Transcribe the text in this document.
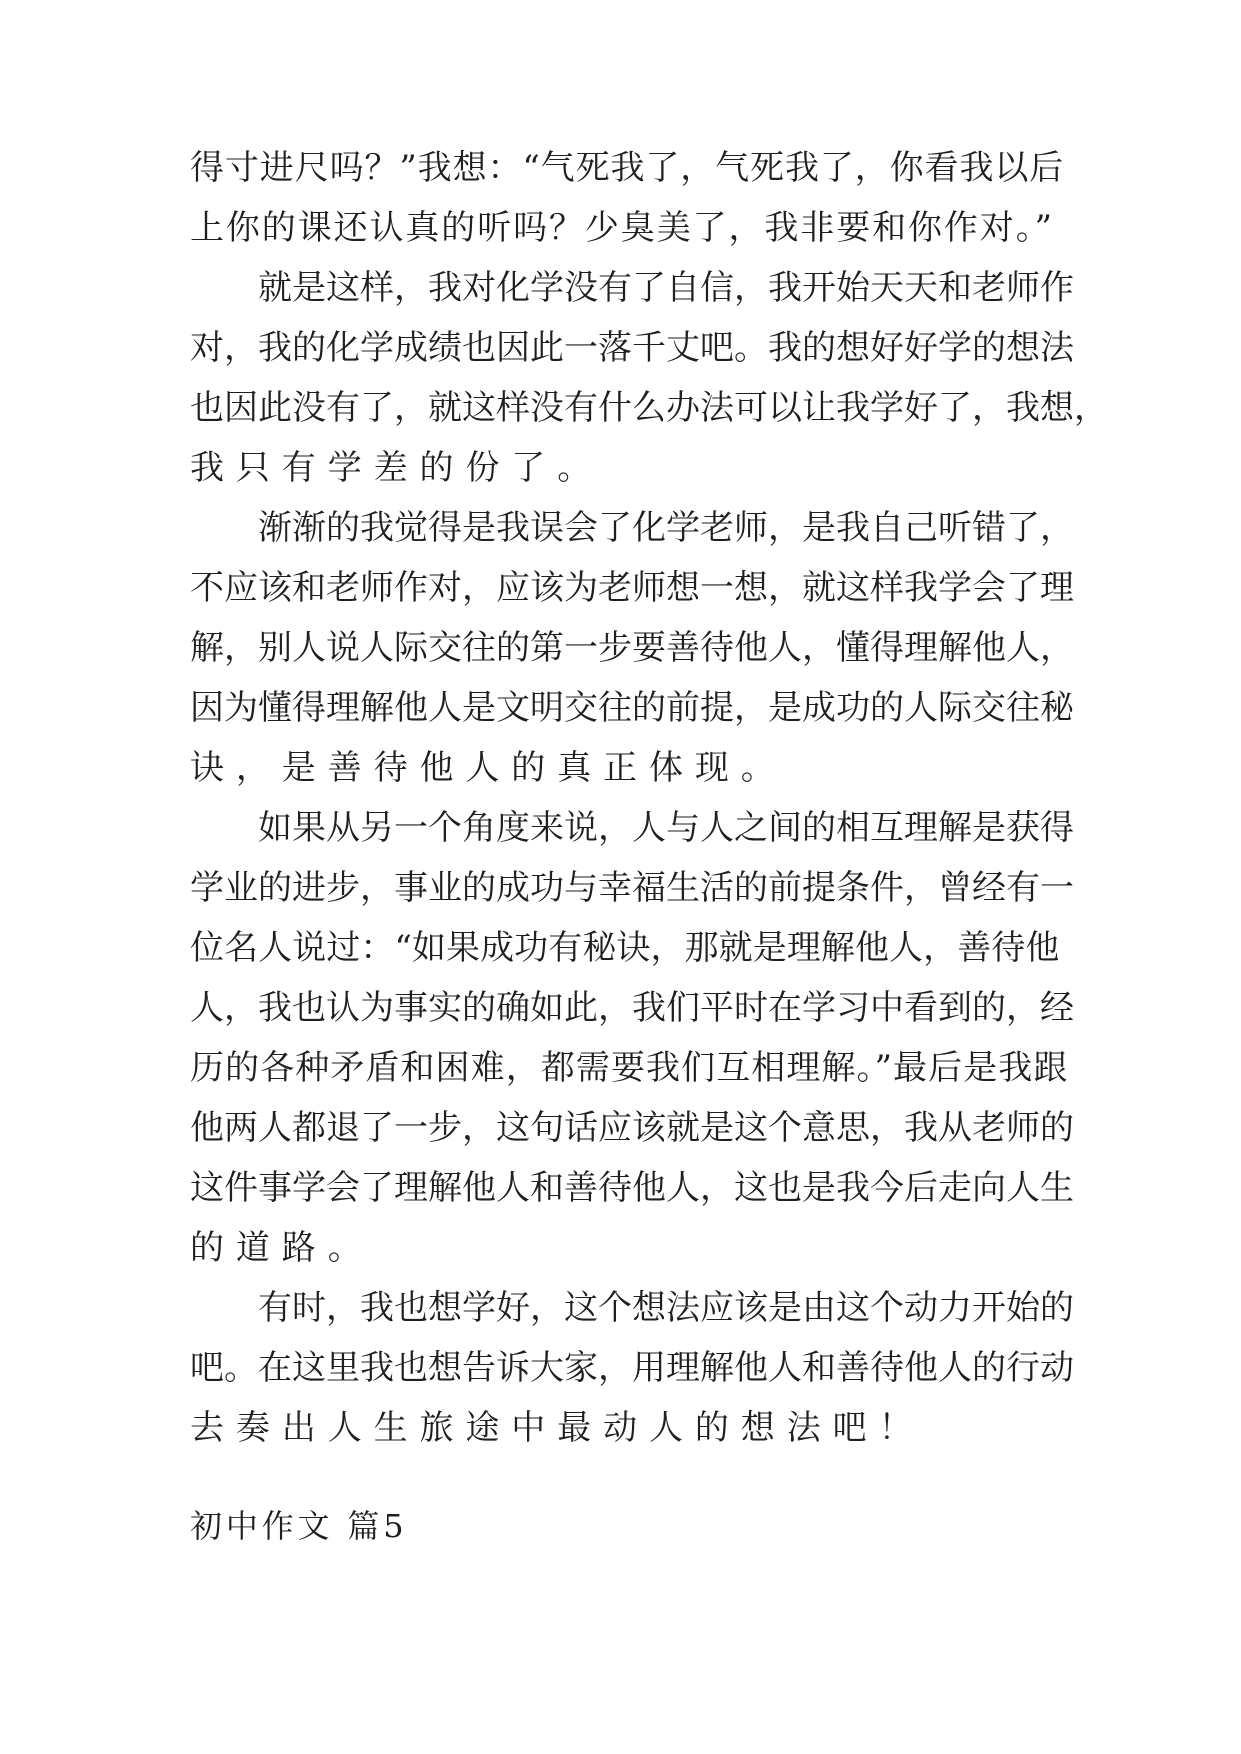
得寸进尺吗？”我想：“气死我了，气死我了，你看我以后
上你的课还认真的听吗？少臭美了，我非要和你作对。”
就是这样，我对化学没有了自信，我开始天天和老师作
对，我的化学成绩也因此一落千丈吧。我的想好好学的想法
也因此没有了，就这样没有什么办法可以让我学好了，我想，
我只有学差的份了。
渐渐的我觉得是我误会了化学老师，是我自己听错了，
不应该和老师作对，应该为老师想一想，就这样我学会了理
解，别人说人际交往的第一步要善待他人，懂得理解他人，
因为懂得理解他人是文明交往的前提，是成功的人际交往秘
诀，是善待他人的真正体现。
如果从另一个角度来说，人与人之间的相互理解是获得
学业的进步，事业的成功与幸福生活的前提条件，曾经有一
位名人说过：“如果成功有秘诀，那就是理解他人，善待他
人，我也认为事实的确如此，我们平时在学习中看到的，经
历的各种矛盾和困难，都需要我们互相理解。”最后是我跟
他两人都退了一步，这句话应该就是这个意思，我从老师的
这件事学会了理解他人和善待他人，这也是我今后走向人生
的道路。
有时，我也想学好，这个想法应该是由这个动力开始的
吧。在这里我也想告诉大家，用理解他人和善待他人的行动
去奏出人生旅途中最动人的想法吧！
初中作文 篇5
